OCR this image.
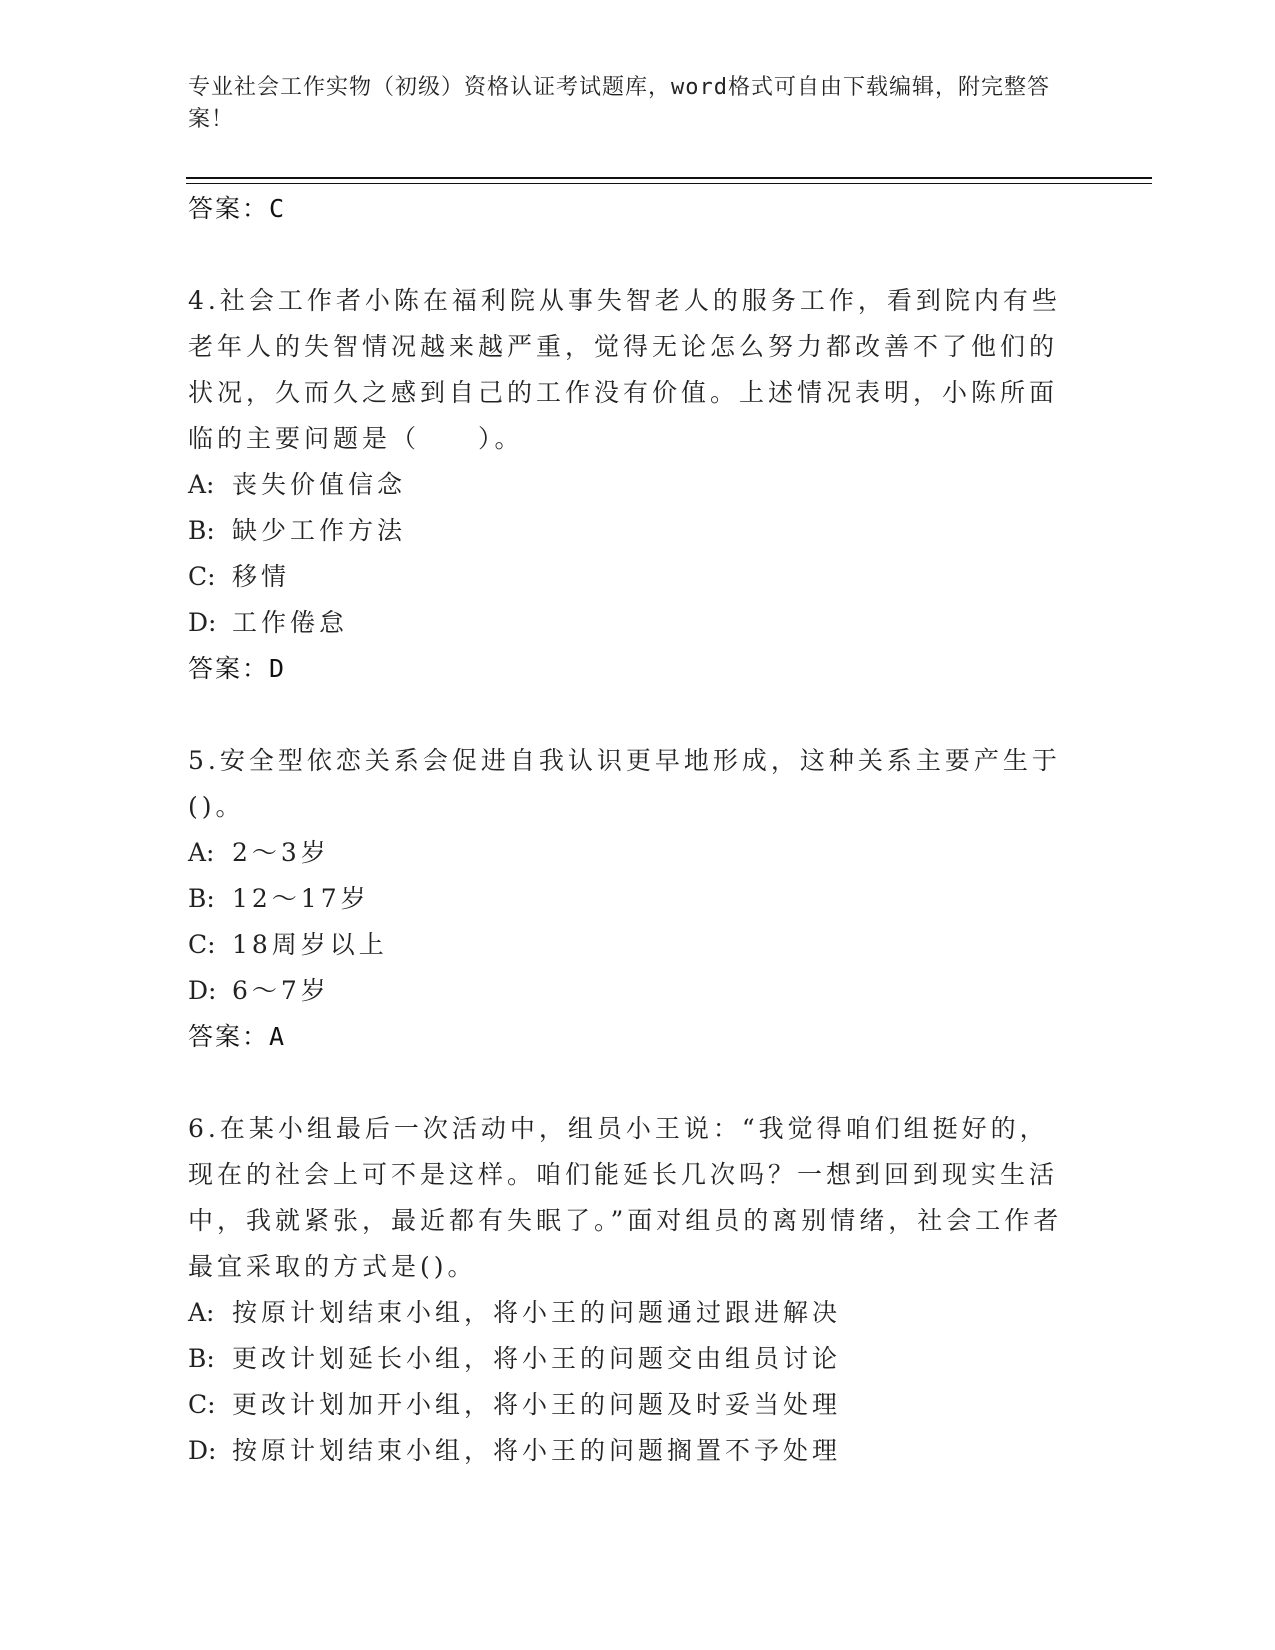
专业社会工作实物（初级）资格认证考试题库，word格式可自由下载编辑，附完整答案！
答案：C
4.社会工作者小陈在福利院从事失智老人的服务工作，看到院内有些老年人的失智情况越来越严重，觉得无论怎么努力都改善不了他们的状况，久而久之感到自己的工作没有价值。上述情况表明，小陈所面临的主要问题是（　　）。
A: 丧失价值信念
B: 缺少工作方法
C: 移情
D: 工作倦怠
答案：D
5.安全型依恋关系会促进自我认识更早地形成，这种关系主要产生于()。
A: 2～3岁
B: 12～17岁
C: 18周岁以上
D: 6～7岁
答案：A
6.在某小组最后一次活动中，组员小王说：“我觉得咱们组挺好的，现在的社会上可不是这样。咱们能延长几次吗？一想到回到现实生活中，我就紧张，最近都有失眠了。”面对组员的离别情绪，社会工作者最宜采取的方式是()。
A: 按原计划结束小组，将小王的问题通过跟进解决
B: 更改计划延长小组，将小王的问题交由组员讨论
C: 更改计划加开小组，将小王的问题及时妥当处理
D: 按原计划结束小组，将小王的问题搁置不予处理
